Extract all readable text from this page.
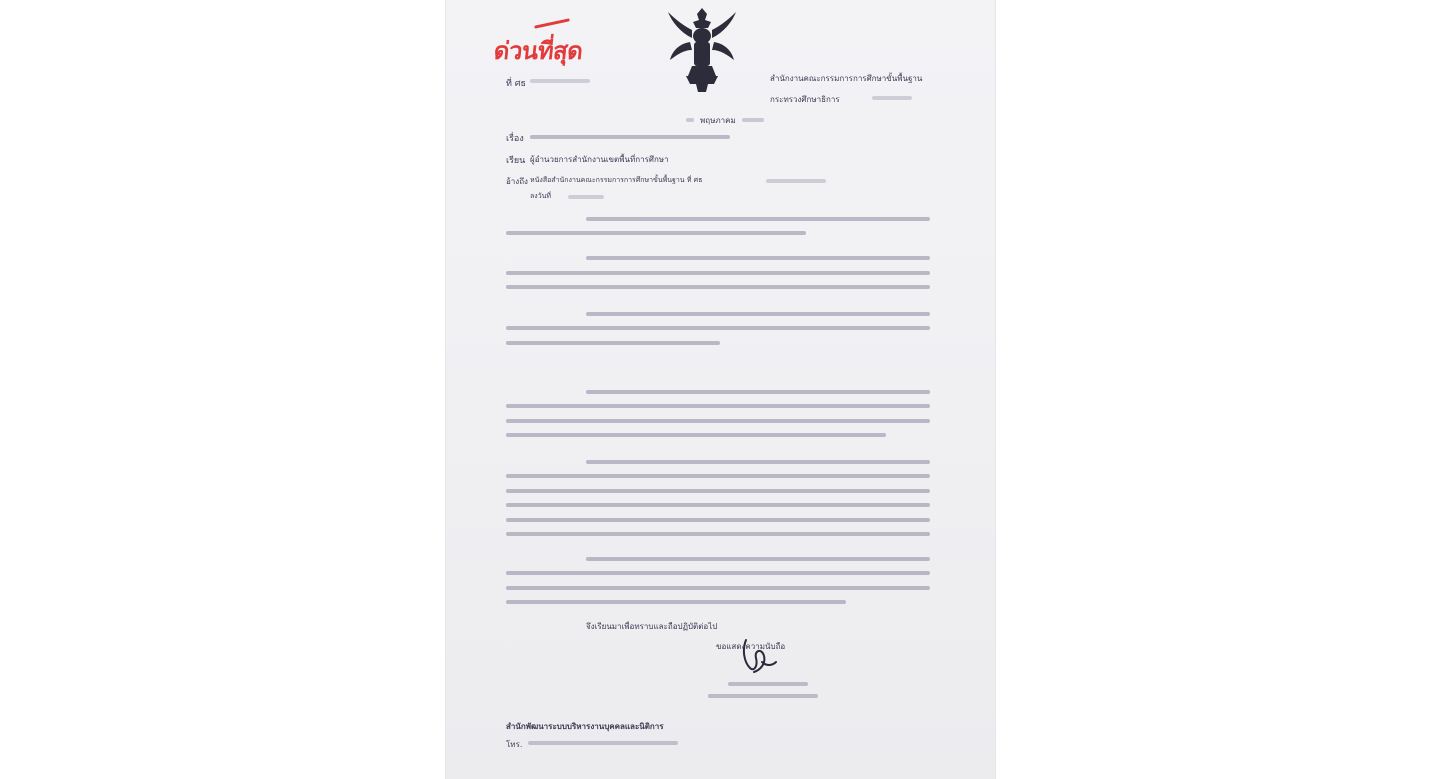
ด่วนที่สุด
ที่ ศธ
สำนักงานคณะกรรมการการศึกษาขั้นพื้นฐาน
กระทรวงศึกษาธิการ
พฤษภาคม
เรื่อง
เรียน ผู้อำนวยการสำนักงานเขตพื้นที่การศึกษา
อ้างถึง หนังสือสำนักงานคณะกรรมการการศึกษาขั้นพื้นฐาน ที่ ศธ
ลงวันที่
จึงเรียนมาเพื่อทราบและถือปฏิบัติต่อไป
ขอแสดงความนับถือ
สำนักพัฒนาระบบบริหารงานบุคคลและนิติการ
โทร.
